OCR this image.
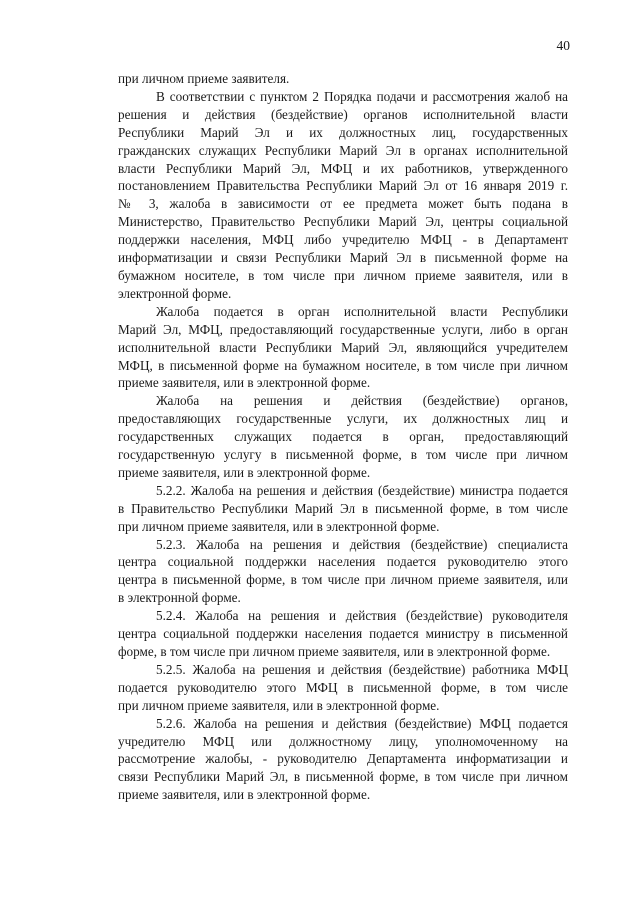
40

при личном приеме заявителя.

В соответствии с пунктом 2 Порядка подачи и рассмотрения жалоб на
решения и действия (бездействие) органов исполнительной власти
Республики Марий Эл и их должностных лиц, государственных
гражданских служащих Республики Марий Эл в органах исполнительной
власти Республики Марий Эл, МФЦ и их работников, утвержденного
постановлением Правительства Республики Марий Эл от 16 января 2019 г.
№ 3, жалоба в зависимости от ее предмета может быть подана в
Министерство, Правительство Республики Марий Эл, центры социальной
поддержки населения, МФЦ либо учредителю МФЦ - в Департамент
информатизации и связи Республики Марий Эл в письменной форме на
бумажном носителе, в том числе при личном приеме заявителя, или в
электронной форме.

Жалоба подается в орган исполнительной власти Республики
Марий Эл, МФЦ, предоставляющий государственные услуги, либо в орган
исполнительной власти Республики Марий Эл, являющийся учредителем
МФЦ, в письменной форме на бумажном носителе, в том числе при личном
приеме заявителя, или в электронной форме.

Жалоба на решения и действия (бездействие) органов,
предоставляющих государственные услуги, их должностных лиц и
государственных служащих подается в орган, предоставляющий
государственную услугу в письменной форме, в том числе при личном
приеме заявителя, или в электронной форме.

5.2.2. Жалоба на решения и действия (бездействие) министра подается
в Правительство Республики Марий Эл в письменной форме, в том числе
при личном приеме заявителя, или в электронной форме.

5.2.3. Жалоба на решения и действия (бездействие) специалиста
центра социальной поддержки населения подается руководителю этого
центра в письменной форме, в том числе при личном приеме заявителя, или
в электронной форме.

5.2.4. Жалоба на решения и действия (бездействие) руководителя
центра социальной поддержки населения подается министру в письменной
форме, в том числе при личном приеме заявителя, или в электронной форме.

5.2.5. Жалоба на решения и действия (бездействие) работника МФЦ
подается руководителю этого МФЦ в письменной форме, в том числе
при личном приеме заявителя, или в электронной форме.

5.2.6. Жалоба на решения и действия (бездействие) МФЦ подается
учредителю МФЦ или должностному лицу, уполномоченному на
рассмотрение жалобы, - руководителю Департамента информатизации и
связи Республики Марий Эл, в письменной форме, в том числе при личном
приеме заявителя, или в электронной форме.
